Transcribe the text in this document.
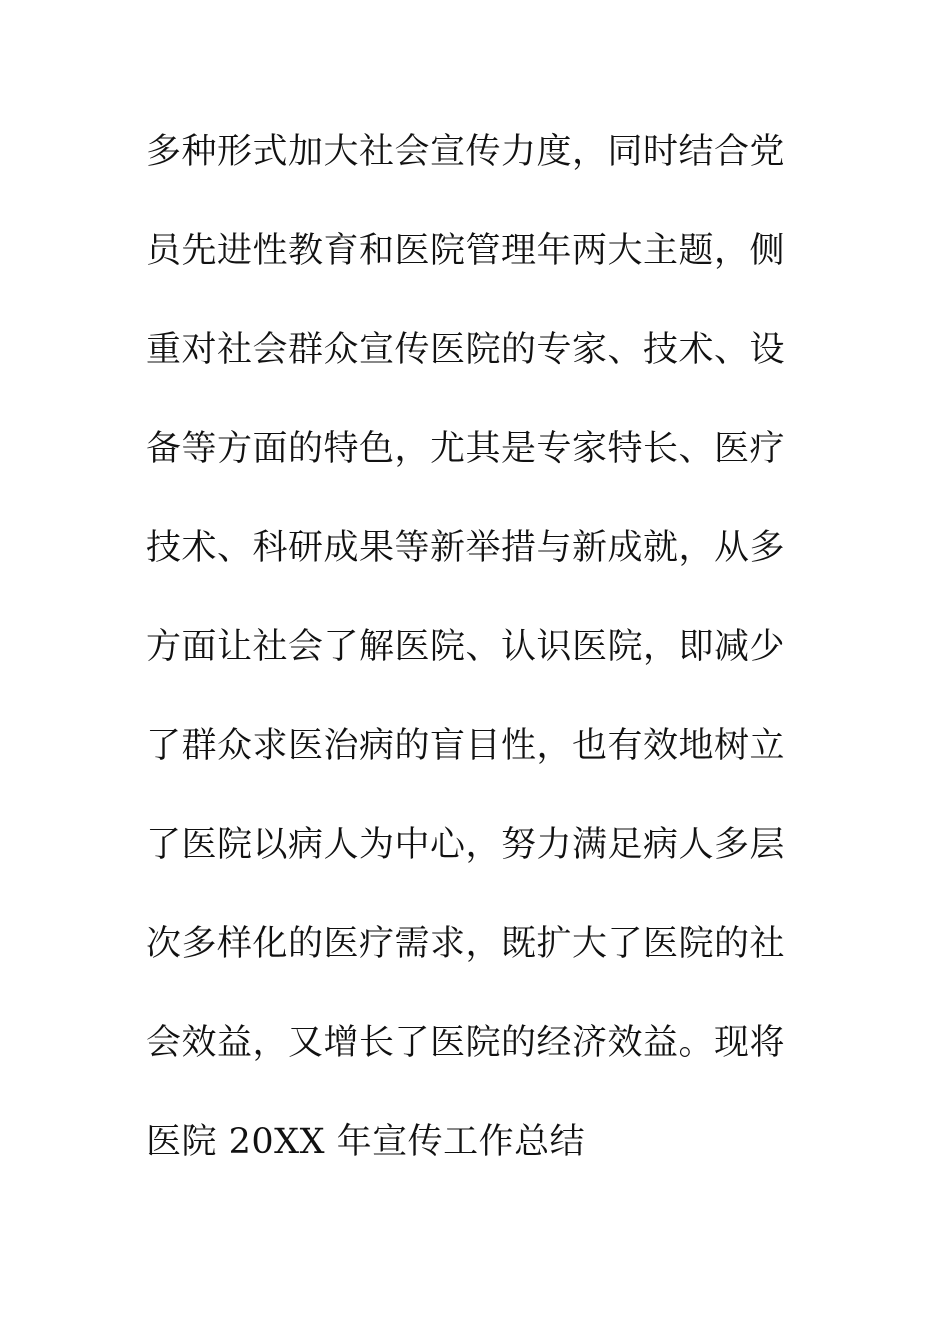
多种形式加大社会宣传力度，同时结合党
员先进性教育和医院管理年两大主题，侧
重对社会群众宣传医院的专家、技术、设
备等方面的特色，尤其是专家特长、医疗
技术、科研成果等新举措与新成就，从多
方面让社会了解医院、认识医院，即减少
了群众求医治病的盲目性，也有效地树立
了医院以病人为中心，努力满足病人多层
次多样化的医疗需求，既扩大了医院的社
会效益，又增长了医院的经济效益。现将
医院 20XX 年宣传工作总结
